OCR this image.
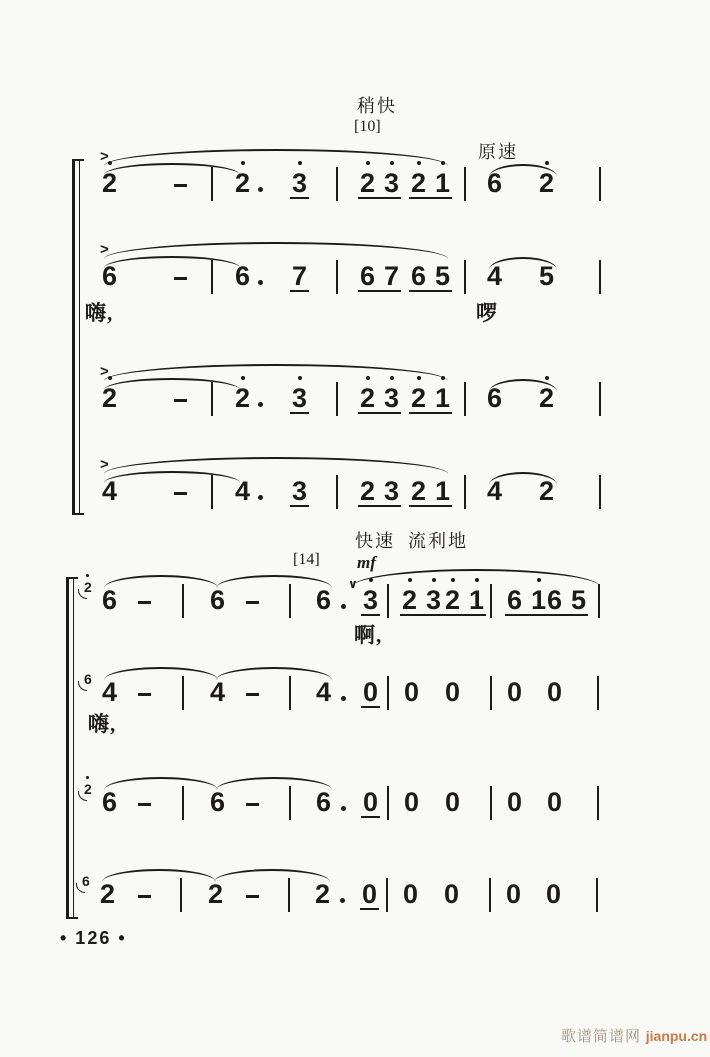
稍快
[10]
原速
2
>
2 3 2 3 2 1 6 2
6
>
6 7 6 7 6 5 4 5
嗨,	啰
2
>
2 3 2 3 2 1 6 2
4
>
4 3 2 3 2 1 4 2
快速  流利地
[14] mf
2 6	6	6
∨
3 2 3 2 1 6 1 6 5
啊,
6 4	4	4 0 0 0 0 0
嗨,
2 6	6	6 0 0 0 0 0
6 2	2	2 0 0 0 0 0
• 126 •
歌谱简谱网 jianpu.cn
